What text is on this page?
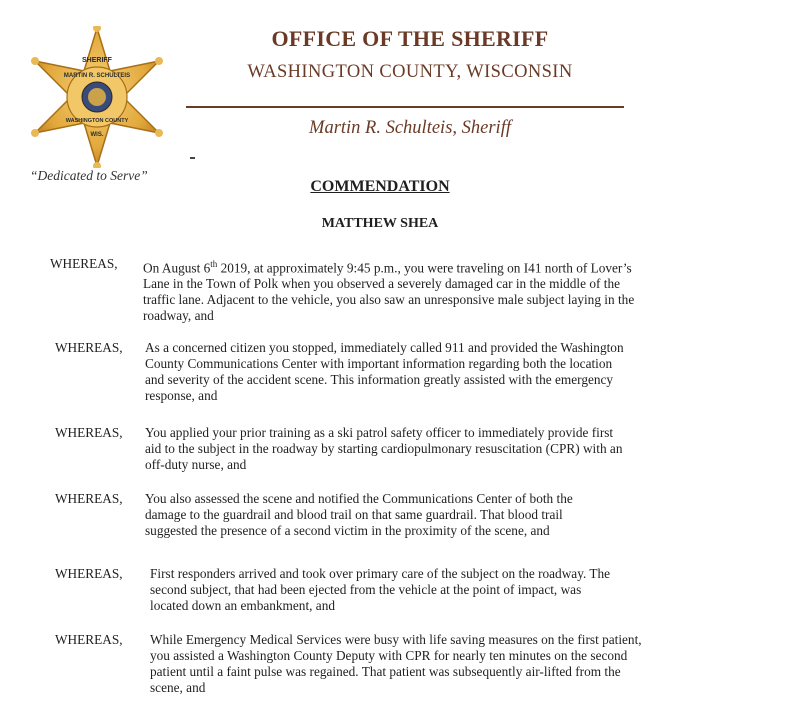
SHERIFF
MARTIN R. SCHULTEIS
WASHINGTON COUNTY
WIS.
“Dedicated to Serve”
OFFICE OF THE SHERIFF
WASHINGTON COUNTY, WISCONSIN
Martin R. Schulteis, Sheriff
COMMENDATION
MATTHEW SHEA
WHEREAS, On August 6th 2019, at approximately 9:45 p.m., you were traveling on I41 north of Lover’s
Lane in the Town of Polk when you observed a severely damaged car in the middle of the
traffic lane. Adjacent to the vehicle, you also saw an unresponsive male subject laying in the
roadway, and
WHEREAS, As a concerned citizen you stopped, immediately called 911 and provided the Washington
County Communications Center with important information regarding both the location
and severity of the accident scene. This information greatly assisted with the emergency
response, and
WHEREAS, You applied your prior training as a ski patrol safety officer to immediately provide first
aid to the subject in the roadway by starting cardiopulmonary resuscitation (CPR) with an
off-duty nurse, and
WHEREAS, You also assessed the scene and notified the Communications Center of both the
damage to the guardrail and blood trail on that same guardrail. That blood trail
suggested the presence of a second victim in the proximity of the scene, and
WHEREAS, First responders arrived and took over primary care of the subject on the roadway. The
second subject, that had been ejected from the vehicle at the point of impact, was
located down an embankment, and
WHEREAS, While Emergency Medical Services were busy with life saving measures on the first patient,
you assisted a Washington County Deputy with CPR for nearly ten minutes on the second
patient until a faint pulse was regained. That patient was subsequently air-lifted from the
scene, and
